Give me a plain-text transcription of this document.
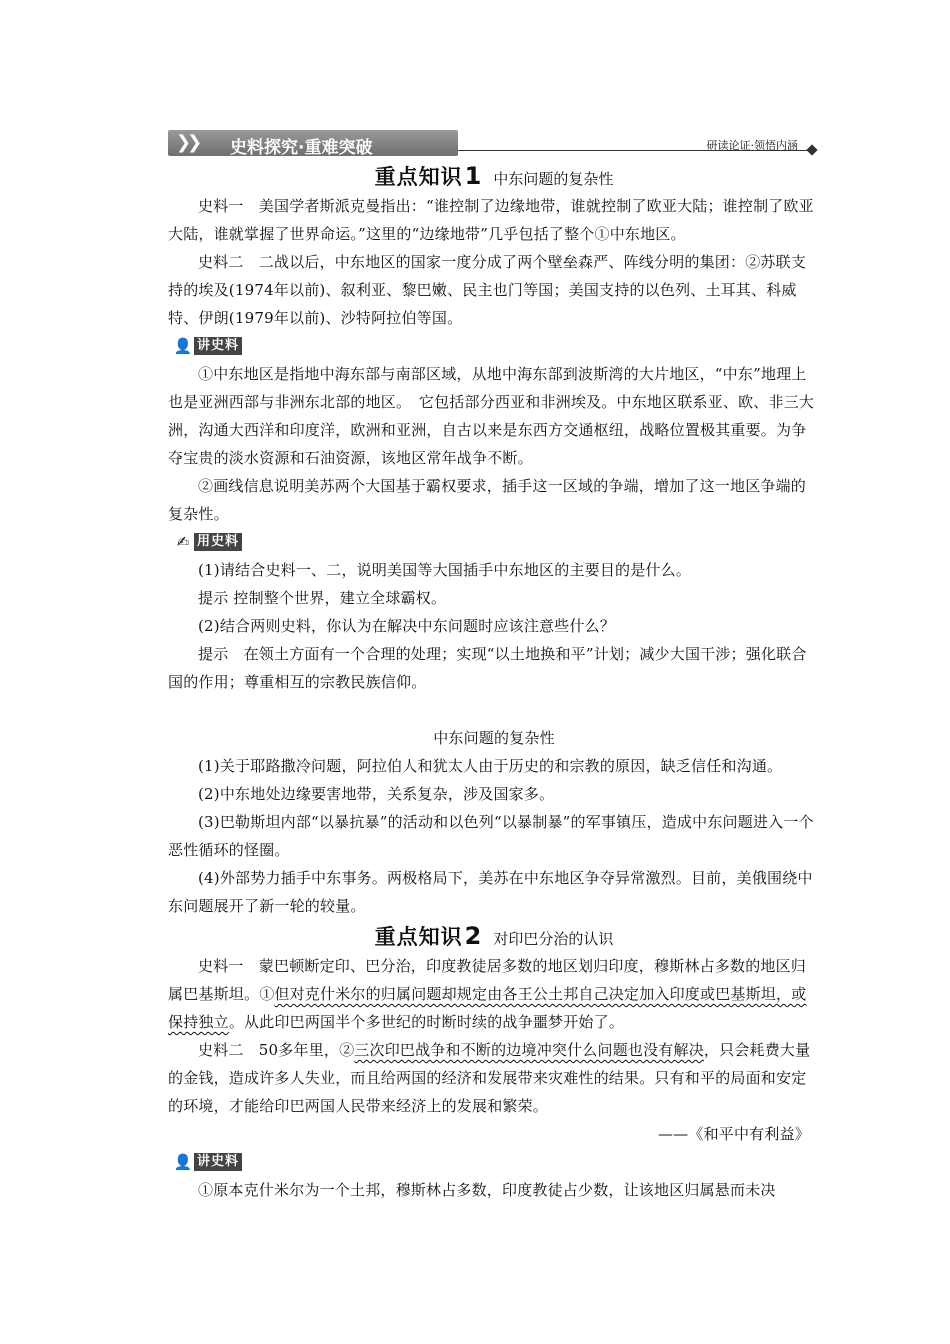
❯❯ 史料探究·重难突破	研读论证·领悟内涵
重点知识1 中东问题的复杂性

史料一　美国学者斯派克曼指出：“谁控制了边缘地带，谁就控制了欧亚大陆；谁控制了欧亚大陆，谁就掌握了世界命运。”这里的“边缘地带”几乎包括了整个①中东地区。

史料二　二战以后，中东地区的国家一度分成了两个壁垒森严、阵线分明的集团：②苏联支持的埃及(1974年以前)、叙利亚、黎巴嫩、民主也门等国；美国支持的以色列、土耳其、科威特、伊朗(1979年以前)、沙特阿拉伯等国。

👤 讲史料

①中东地区是指地中海东部与南部区域，从地中海东部到波斯湾的大片地区，“中东”地理上也是亚洲西部与非洲东北部的地区。　它包括部分西亚和非洲埃及。中东地区联系亚、欧、非三大洲，沟通大西洋和印度洋，欧洲和亚洲，自古以来是东西方交通枢纽，战略位置极其重要。为争夺宝贵的淡水资源和石油资源，该地区常年战争不断。

②画线信息说明美苏两个大国基于霸权要求，插手这一区域的争端，增加了这一地区争端的复杂性。

✍ 用史料

(1)请结合史料一、二，说明美国等大国插手中东地区的主要目的是什么。

提示 控制整个世界，建立全球霸权。

(2)结合两则史料，你认为在解决中东问题时应该注意些什么？

提示　在领土方面有一个合理的处理；实现“以土地换和平”计划；减少大国干涉；强化联合国的作用；尊重相互的宗教民族信仰。

中东问题的复杂性

(1)关于耶路撒冷问题，阿拉伯人和犹太人由于历史的和宗教的原因，缺乏信任和沟通。

(2)中东地处边缘要害地带，关系复杂，涉及国家多。

(3)巴勒斯坦内部“以暴抗暴”的活动和以色列“以暴制暴”的军事镇压，造成中东问题进入一个恶性循环的怪圈。

(4)外部势力插手中东事务。两极格局下，美苏在中东地区争夺异常激烈。目前，美俄围绕中东问题展开了新一轮的较量。

重点知识2 对印巴分治的认识

史料一　蒙巴顿断定印、巴分治，印度教徒居多数的地区划归印度，穆斯林占多数的地区归属巴基斯坦。①但对克什米尔的归属问题却规定由各王公土邦自己决定加入印度或巴基斯坦，或保持独立。从此印巴两国半个多世纪的时断时续的战争噩梦开始了。

史料二　50多年里，②三次印巴战争和不断的边境冲突什么问题也没有解决，只会耗费大量的金钱，造成许多人失业，而且给两国的经济和发展带来灾难性的结果。只有和平的局面和安定的环境，才能给印巴两国人民带来经济上的发展和繁荣。

——《和平中有利益》

👤 讲史料

①原本克什米尔为一个土邦，穆斯林占多数，印度教徒占少数，让该地区归属悬而未决
